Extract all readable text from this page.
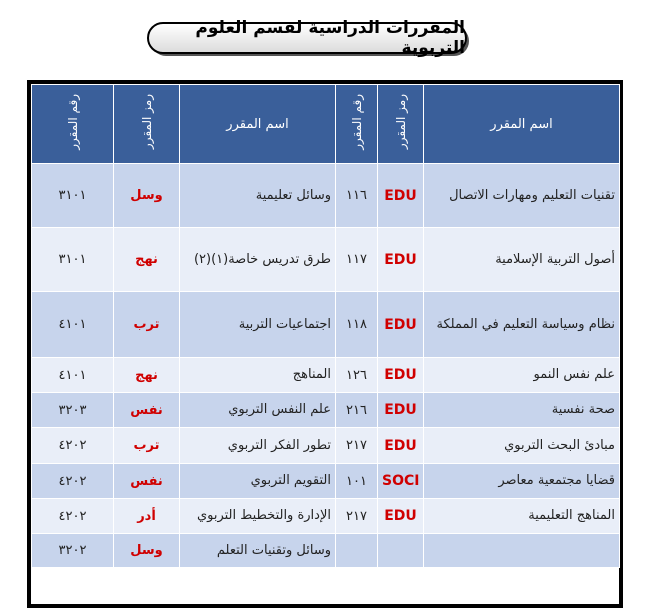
المقررات الدراسية لقسم العلوم التربوية
اسم المقرر	رمز المقرر	رقم المقرر	اسم المقرر	رمز المقرر	رقم المقرر
تقنيات التعليم ومهارات الاتصال	EDU	١١٦	وسائل تعليمية	وسل	٣١٠١
أصول التربية الإسلامية	EDU	١١٧	طرق تدريس خاصة(١)(٢)	نهج	٣١٠١
نظام وسياسة التعليم في المملكة	EDU	١١٨	اجتماعيات التربية	ترب	٤١٠١
علم نفس النمو	EDU	١٢٦	المناهج	نهج	٤١٠١
صحة نفسية	EDU	٢١٦	علم النفس التربوي	نفس	٣٢٠٣
مبادئ البحث التربوي	EDU	٢١٧	تطور الفكر التربوي	ترب	٤٢٠٢
قضايا مجتمعية معاصر	SOCI	١٠١	التقويم التربوي	نفس	٤٢٠٢
المناهج التعليمية	EDU	٢١٧	الإدارة والتخطيط التربوي	أدر	٤٢٠٢
			وسائل وتقنيات التعلم	وسل	٣٢٠٢
